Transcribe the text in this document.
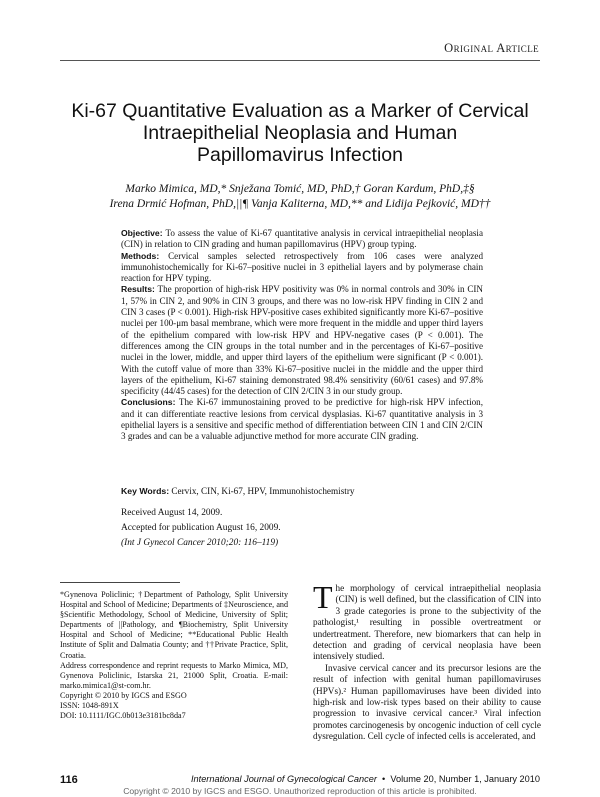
Original Article
Ki-67 Quantitative Evaluation as a Marker of Cervical
Intraepithelial Neoplasia and Human
Papillomavirus Infection
Marko Mimica, MD,* Snježana Tomić, MD, PhD,† Goran Kardum, PhD,‡§
Irena Drmić Hofman, PhD,||¶ Vanja Kaliterna, MD,** and Lidija Pejković, MD††

Objective: To assess the value of Ki-67 quantitative analysis in cervical intraepithelial neoplasia (CIN) in relation to CIN grading and human papillomavirus (HPV) group typing.

Methods: Cervical samples selected retrospectively from 106 cases were analyzed immunohistochemically for Ki-67–positive nuclei in 3 epithelial layers and by polymerase chain reaction for HPV typing.

Results: The proportion of high-risk HPV positivity was 0% in normal controls and 30% in CIN 1, 57% in CIN 2, and 90% in CIN 3 groups, and there was no low-risk HPV finding in CIN 2 and CIN 3 cases (P < 0.001). High-risk HPV-positive cases exhibited significantly more Ki-67–positive nuclei per 100-μm basal membrane, which were more frequent in the middle and upper third layers of the epithelium compared with low-risk HPV and HPV-negative cases (P < 0.001). The differences among the CIN groups in the total number and in the percentages of Ki-67–positive nuclei in the lower, middle, and upper third layers of the epithelium were significant (P < 0.001). With the cutoff value of more than 33% Ki-67–positive nuclei in the middle and the upper third layers of the epithelium, Ki-67 staining demonstrated 98.4% sensitivity (60/61 cases) and 97.8% specificity (44/45 cases) for the detection of CIN 2/CIN 3 in our study group.

Conclusions: The Ki-67 immunostaining proved to be predictive for high-risk HPV infection, and it can differentiate reactive lesions from cervical dysplasias. Ki-67 quantitative analysis in 3 epithelial layers is a sensitive and specific method of differentiation between CIN 1 and CIN 2/CIN 3 grades and can be a valuable adjunctive method for more accurate CIN grading.

Key Words: Cervix, CIN, Ki-67, HPV, Immunohistochemistry
Received August 14, 2009.
Accepted for publication August 16, 2009.
(Int J Gynecol Cancer 2010;20: 116–119)

*Gynenova Policlinic; †Department of Pathology, Split University Hospital and School of Medicine; Departments of ‡Neuroscience, and §Scientific Methodology, School of Medicine, University of Split; Departments of ||Pathology, and ¶Biochemistry, Split University Hospital and School of Medicine; **Educational Public Health Institute of Split and Dalmatia County; and ††Private Practice, Split, Croatia.

Address correspondence and reprint requests to Marko Mimica, MD, Gynenova Policlinic, Istarska 21, 21000 Split, Croatia. E-mail: marko.mimica1@st-com.hr.

Copyright © 2010 by IGCS and ESGO

ISSN: 1048-891X

DOI: 10.1111/IGC.0b013e3181bc8da7

The morphology of cervical intraepithelial neoplasia (CIN) is well defined, but the classification of CIN into 3 grade categories is prone to the subjectivity of the pathologist,¹ resulting in possible overtreatment or undertreatment. Therefore, new biomarkers that can help in detection and grading of cervical neoplasia have been intensively studied.

Invasive cervical cancer and its precursor lesions are the result of infection with genital human papillomaviruses (HPVs).² Human papillomaviruses have been divided into high-risk and low-risk types based on their ability to cause progression to invasive cervical cancer.³ Viral infection promotes carcinogenesis by oncogenic induction of cell cycle dysregulation. Cell cycle of infected cells is accelerated, and

116	International Journal of Gynecological Cancer  •  Volume 20, Number 1, January 2010
Copyright © 2010 by IGCS and ESGO. Unauthorized reproduction of this article is prohibited.
